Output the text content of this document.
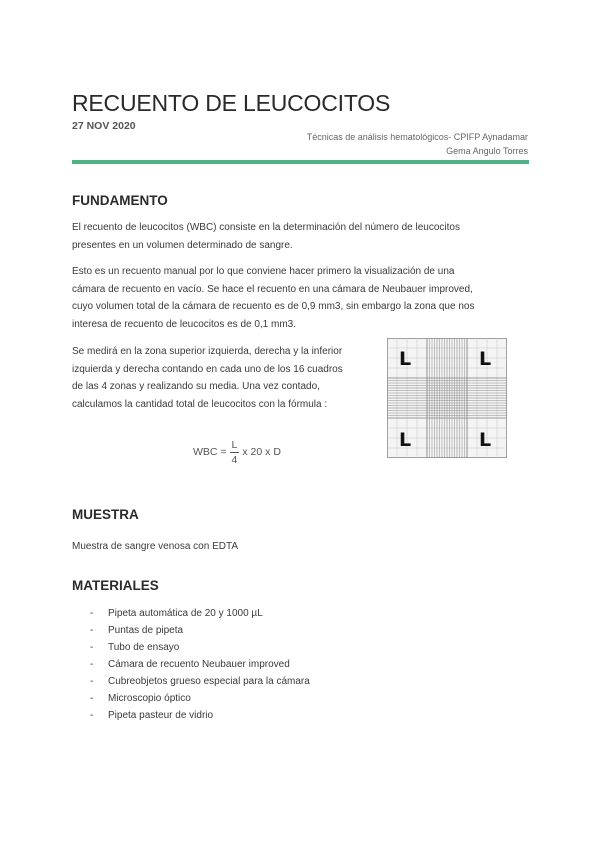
RECUENTO DE LEUCOCITOS
27 NOV 2020
Técnicas de análisis hematológicos- CPIFP Aynadamar
Gema Angulo Torres
FUNDAMENTO

El recuento de leucocitos (WBC) consiste en la determinación del número de leucocitos
presentes en un volumen determinado de sangre.

Esto es un recuento manual por lo que conviene hacer primero la visualización de una
cámara de recuento en vacío. Se hace el recuento en una cámara de Neubauer improved,
cuyo volumen total de la cámara de recuento es de 0,9 mm3, sin embargo la zona que nos
interesa de recuento de leucocitos es de 0,1 mm3.

Se medirá en la zona superior izquierda, derecha y la inferior
izquierda y derecha contando en cada uno de los 16 cuadros
de las 4 zonas y realizando su media. Una vez contado,
calculamos la cantidad total de leucocitos con la fórmula :

L	L
L	L
WBC = $\frac{L}{4}$ x 20 x D
MUESTRA

Muestra de sangre venosa con EDTA

MATERIALES
-	Pipeta automática de 20 y 1000 µL
-	Puntas de pipeta
-	Tubo de ensayo
-	Cámara de recuento Neubauer improved
-	Cubreobjetos grueso especial para la cámara
-	Microscopio óptico
-	Pipeta pasteur de vidrio
